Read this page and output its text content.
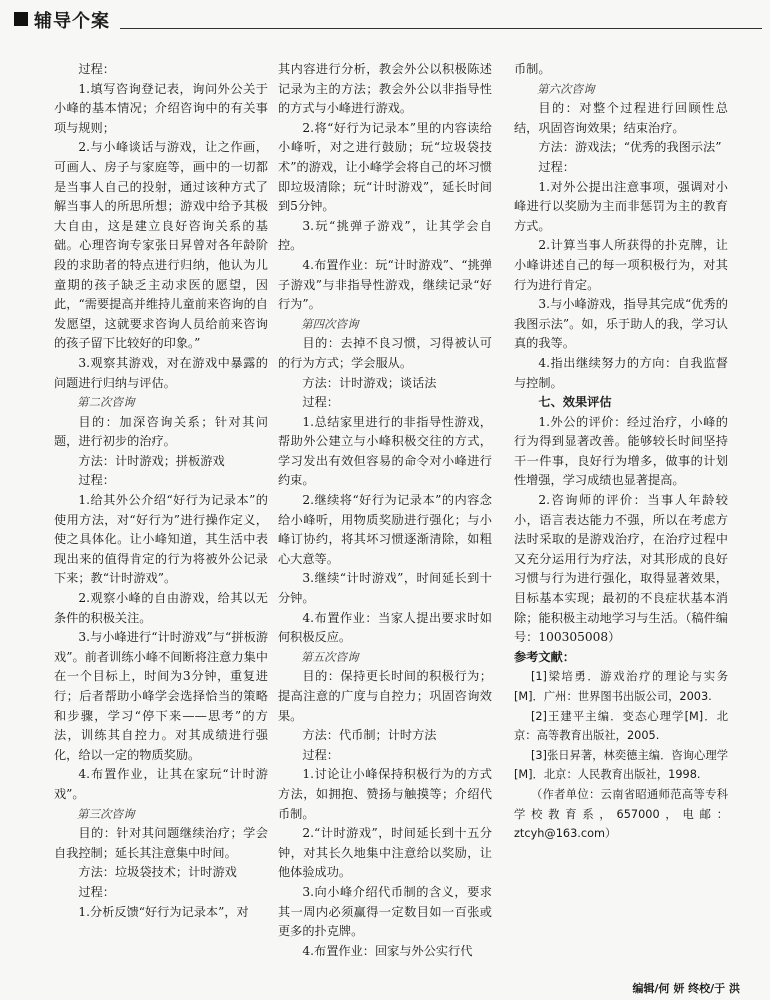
辅导个案

过程：

1.填写咨询登记表，询问外公关于小峰的基本情况；介绍咨询中的有关事项与规则；

2.与小峰谈话与游戏，让之作画，可画人、房子与家庭等，画中的一切都是当事人自己的投射，通过该种方式了解当事人的所思所想；游戏中给予其极大自由，这是建立良好咨询关系的基础。心理咨询专家张日昇曾对各年龄阶段的求助者的特点进行归纳，他认为儿童期的孩子缺乏主动求医的愿望，因此，“需要提高并维持儿童前来咨询的自发愿望，这就要求咨询人员给前来咨询的孩子留下比较好的印象。”

3.观察其游戏，对在游戏中暴露的问题进行归纳与评估。

第二次咨询

目的：加深咨询关系；针对其问题，进行初步的治疗。

方法：计时游戏；拼板游戏

过程：

1.给其外公介绍“好行为记录本”的使用方法，对“好行为”进行操作定义，使之具体化。让小峰知道，其生活中表现出来的值得肯定的行为将被外公记录下来；教“计时游戏”。

2.观察小峰的自由游戏，给其以无条件的积极关注。

3.与小峰进行“计时游戏”与“拼板游戏”。前者训练小峰不间断将注意力集中在一个目标上，时间为3分钟，重复进行；后者帮助小峰学会选择恰当的策略和步骤，学习“停下来——思考”的方法，训练其自控力。对其成绩进行强化，给以一定的物质奖励。

4.布置作业，让其在家玩“计时游戏”。

第三次咨询

目的：针对其问题继续治疗；学会自我控制；延长其注意集中时间。

方法：垃圾袋技术；计时游戏

过程：

1.分析反馈“好行为记录本”，对

其内容进行分析，教会外公以积极陈述记录为主的方法；教会外公以非指导性的方式与小峰进行游戏。

2.将“好行为记录本”里的内容读给小峰听，对之进行鼓励；玩“垃圾袋技术”的游戏，让小峰学会将自己的坏习惯即垃圾清除；玩“计时游戏”，延长时间到5分钟。

3.玩“挑弹子游戏”，让其学会自控。

4.布置作业：玩“计时游戏”、“挑弹子游戏”与非指导性游戏，继续记录“好行为”。

第四次咨询

目的：去掉不良习惯，习得被认可的行为方式；学会服从。

方法：计时游戏；谈话法

过程：

1.总结家里进行的非指导性游戏，帮助外公建立与小峰积极交往的方式，学习发出有效但容易的命令对小峰进行约束。

2.继续将“好行为记录本”的内容念给小峰听，用物质奖励进行强化；与小峰订协约，将其坏习惯逐渐清除，如粗心大意等。

3.继续“计时游戏”，时间延长到十分钟。

4.布置作业：当家人提出要求时如何积极反应。

第五次咨询

目的：保持更长时间的积极行为；提高注意的广度与自控力；巩固咨询效果。

方法：代币制；计时方法

过程：

1.讨论让小峰保持积极行为的方式方法，如拥抱、赞扬与触摸等；介绍代币制。

2.“计时游戏”，时间延长到十五分钟，对其长久地集中注意给以奖励，让他体验成功。

3.向小峰介绍代币制的含义，要求其一周内必须赢得一定数目如一百张或更多的扑克牌。

4.布置作业：回家与外公实行代

币制。

第六次咨询

目的：对整个过程进行回顾性总结，巩固咨询效果；结束治疗。

方法：游戏法；“优秀的我图示法”

过程：

1.对外公提出注意事项，强调对小峰进行以奖励为主而非惩罚为主的教育方式。

2.计算当事人所获得的扑克牌，让小峰讲述自己的每一项积极行为，对其行为进行肯定。

3.与小峰游戏，指导其完成“优秀的我图示法”。如，乐于助人的我，学习认真的我等。

4.指出继续努力的方向：自我监督与控制。

七、效果评估

1.外公的评价：经过治疗，小峰的行为得到显著改善。能够较长时间坚持干一件事，良好行为增多，做事的计划性增强，学习成绩也显著提高。

2.咨询师的评价：当事人年龄较小，语言表达能力不强，所以在考虑方法时采取的是游戏治疗，在治疗过程中又充分运用行为疗法，对其形成的良好习惯与行为进行强化，取得显著效果，目标基本实现；最初的不良症状基本消除；能积极主动地学习与生活。（稿件编号：100305008）

参考文献：

[1]梁培勇．游戏治疗的理论与实务[M]．广州：世界图书出版公司，2003.

[2]王建平主编．变态心理学[M]．北京：高等教育出版社，2005.

[3]张日昇著，林奕德主编．咨询心理学[M]．北京：人民教育出版社，1998.

（作者单位：云南省昭通师范高等专科学校教育系，657000，电邮：ztcyh@163.com）

编辑/何 妍 终校/于 洪
